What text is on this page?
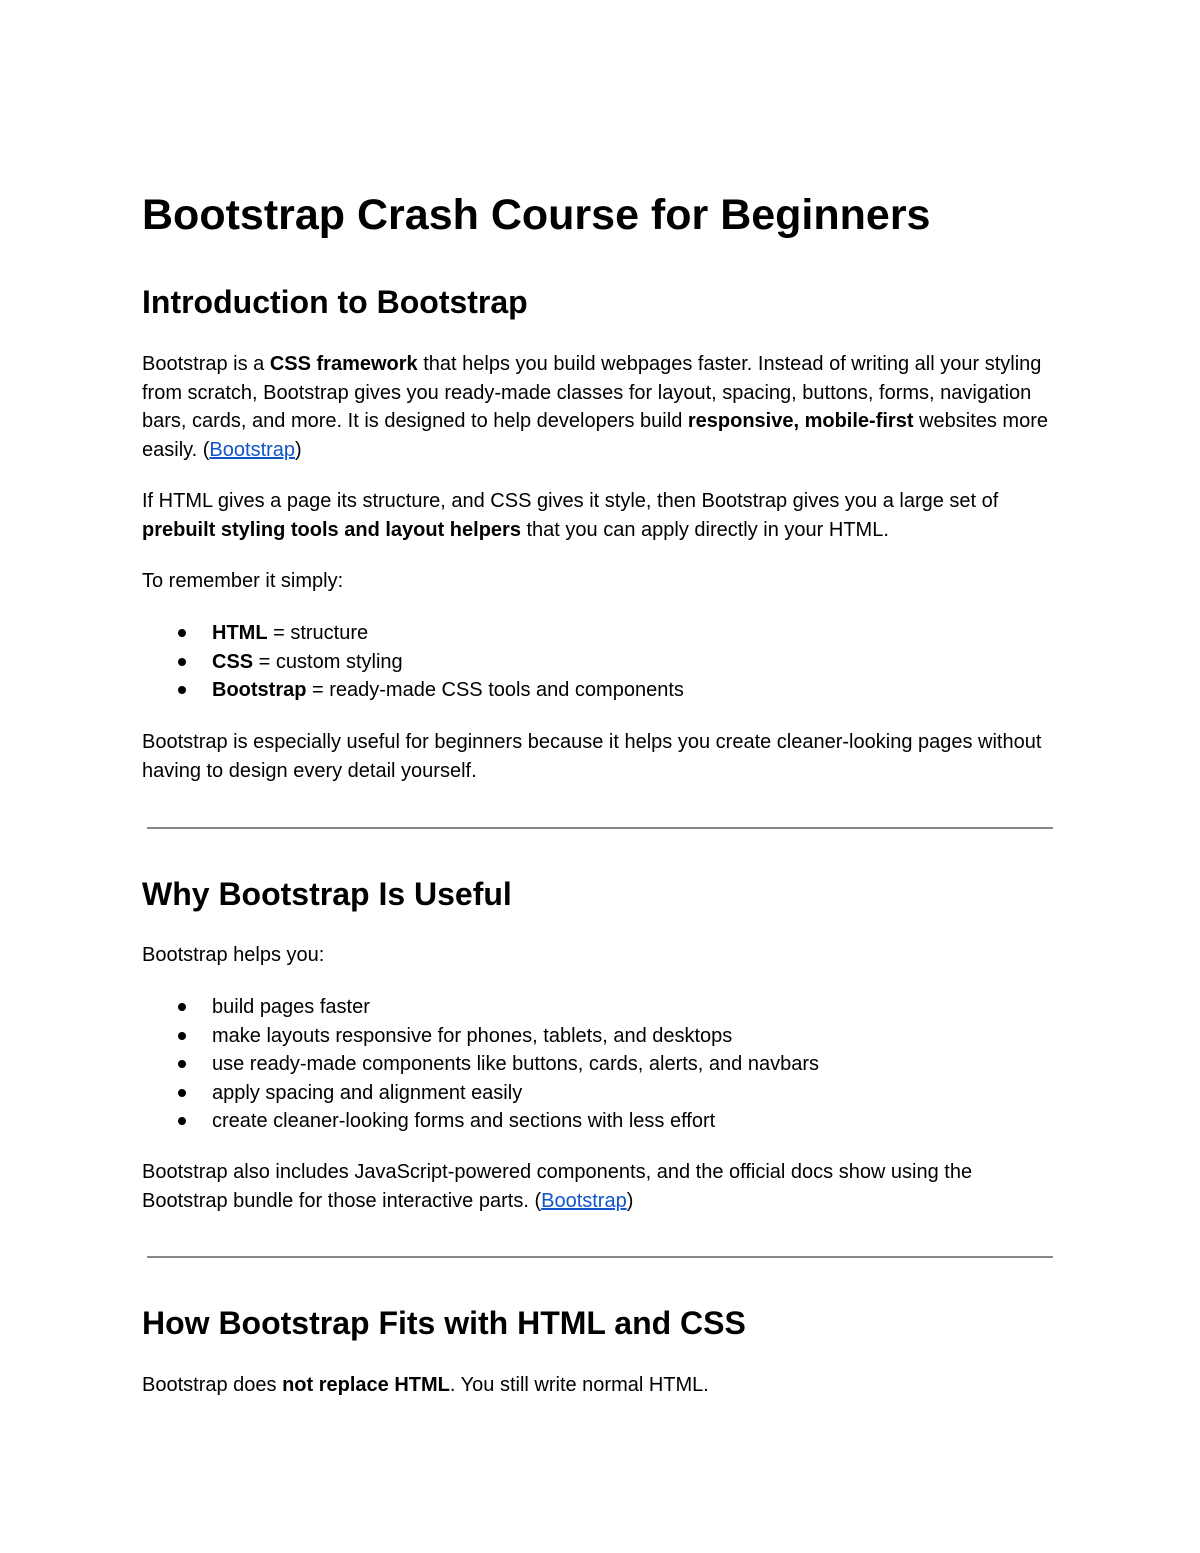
Bootstrap Crash Course for Beginners
Introduction to Bootstrap

Bootstrap is a CSS framework that helps you build webpages faster. Instead of writing all your styling from scratch, Bootstrap gives you ready-made classes for layout, spacing, buttons, forms, navigation bars, cards, and more. It is designed to help developers build responsive, mobile-first websites more easily. (Bootstrap)

If HTML gives a page its structure, and CSS gives it style, then Bootstrap gives you a large set of prebuilt styling tools and layout helpers that you can apply directly in your HTML.

To remember it simply:

HTML = structure
CSS = custom styling
Bootstrap = ready-made CSS tools and components

Bootstrap is especially useful for beginners because it helps you create cleaner-looking pages without having to design every detail yourself.

Why Bootstrap Is Useful

Bootstrap helps you:

build pages faster
make layouts responsive for phones, tablets, and desktops
use ready-made components like buttons, cards, alerts, and navbars
apply spacing and alignment easily
create cleaner-looking forms and sections with less effort

Bootstrap also includes JavaScript-powered components, and the official docs show using the Bootstrap bundle for those interactive parts. (Bootstrap)

How Bootstrap Fits with HTML and CSS

Bootstrap does not replace HTML. You still write normal HTML.
